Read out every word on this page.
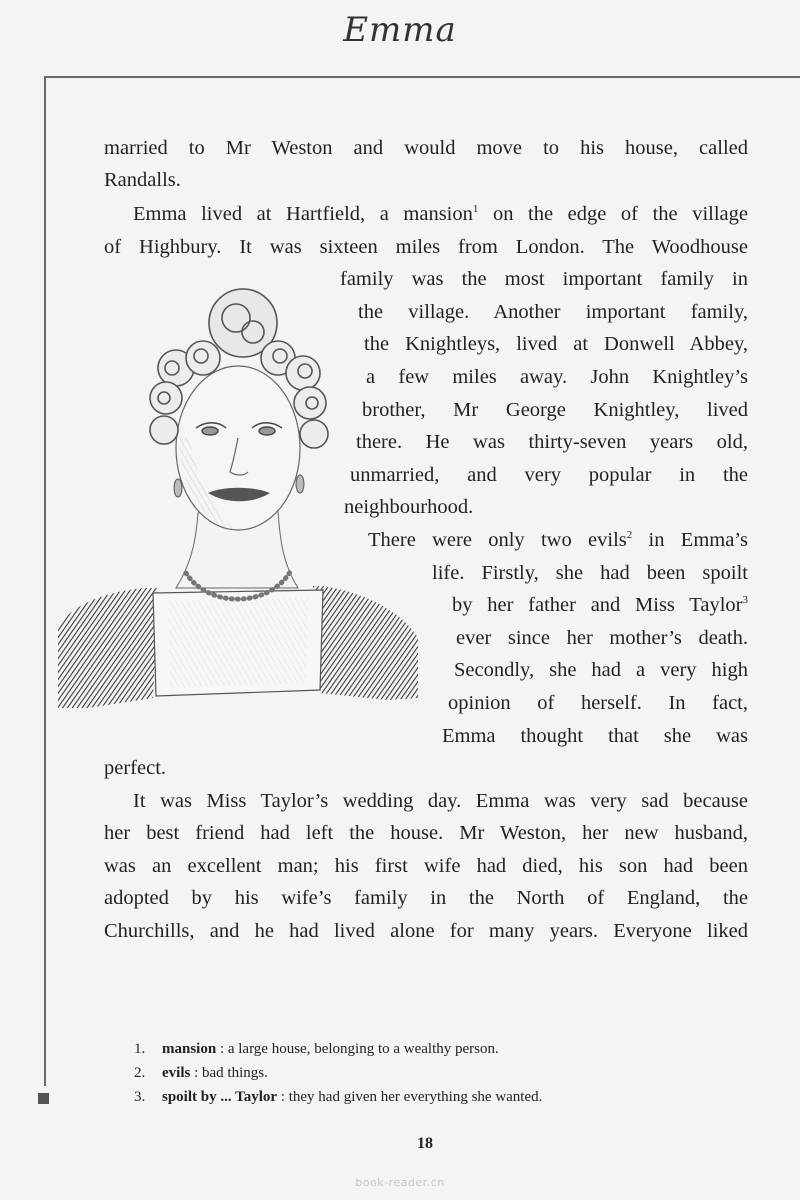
Emma
married to Mr Weston and would move to his house, called
Randalls.
Emma lived at Hartfield, a mansion$^1$ on the edge of the village
of Highbury. It was sixteen miles from London. The Woodhouse
family was the most important family in
the village. Another important family,
the Knightleys, lived at Donwell Abbey,
a few miles away. John Knightley’s
brother, Mr George Knightley, lived
there. He was thirty-seven years old,
unmarried, and very popular in the
neighbourhood.
There were only two evils$^2$ in Emma’s
life. Firstly, she had been spoilt
by her father and Miss Taylor$^3$
ever since her mother’s death.
Secondly, she had a very high
opinion of herself. In fact,
Emma thought that she was
perfect.
It was Miss Taylor’s wedding day. Emma was very sad because
her best friend had left the house. Mr Weston, her new husband,
was an excellent man; his first wife had died, his son had been
adopted by his wife’s family in the North of England, the
Churchills, and he had lived alone for many years. Everyone liked
1. mansion : a large house, belonging to a wealthy person.
2. evils : bad things.
3. spoilt by ... Taylor : they had given her everything she wanted.
18
book-reader.cn
